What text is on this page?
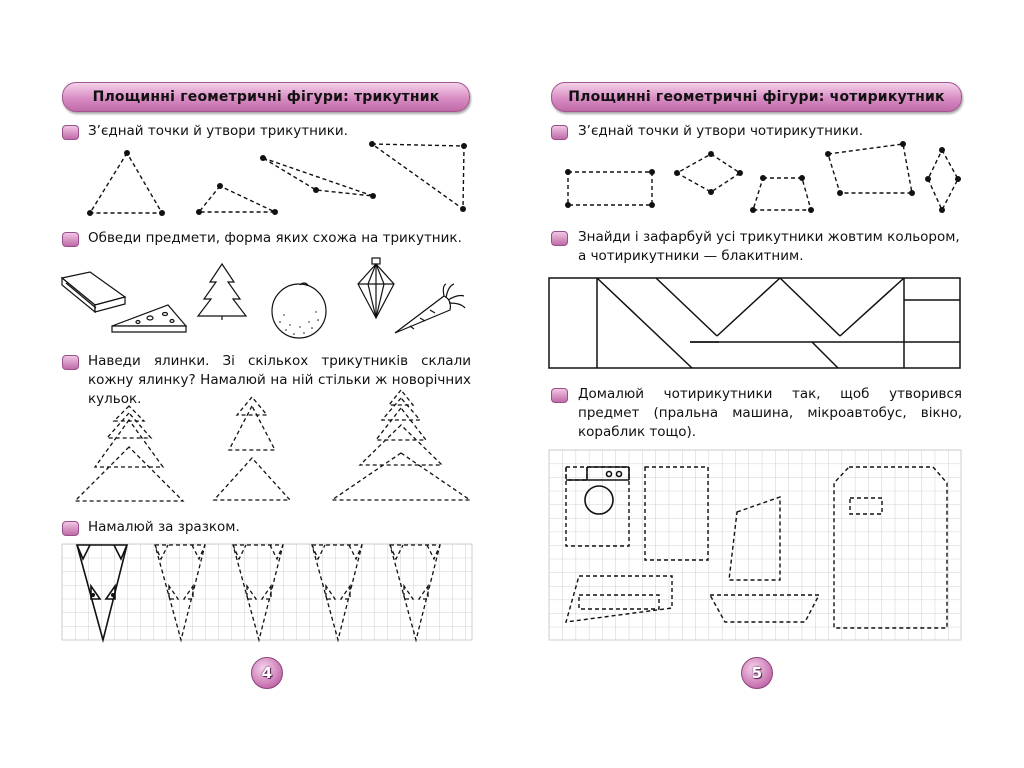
Площинні геометричні фігури: трикутник
З’єднай точки й утвори трикутники.
Обведи предмети, форма яких схожа на трикутник.
Наведи ялинки. Зі скількох трикутників склали кожну ялинку? Намалюй на ній стільки ж новорічних кульок.
Намалюй за зразком.
4
Площинні геометричні фігури: чотирикутник
З’єднай точки й утвори чотирикутники.
Знайди і зафарбуй усі трикутники жовтим кольором, а чотирикутники — блакитним.
Домалюй чотирикутники так, щоб утворився предмет (пральна машина, мікроавтобус, вікно, кораблик тощо).
5
